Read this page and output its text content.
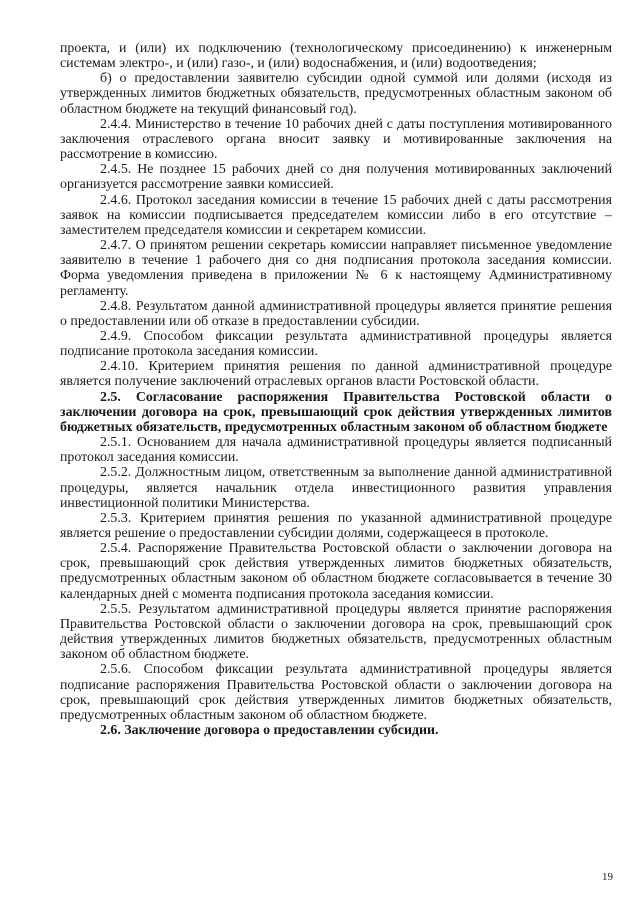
проекта, и (или) их подключению (технологическому присоединению) к инженерным системам электро-, и (или) газо-, и (или) водоснабжения, и (или) водоотведения;

б) о предоставлении заявителю субсидии одной суммой или долями (исходя из утвержденных лимитов бюджетных обязательств, предусмотренных областным законом об областном бюджете на текущий финансовый год).

2.4.4. Министерство в течение 10 рабочих дней с даты поступления мотивированного заключения отраслевого органа вносит заявку и мотивированные заключения на рассмотрение в комиссию.

2.4.5. Не позднее 15 рабочих дней со дня получения мотивированных заключений организуется рассмотрение заявки комиссией.

2.4.6. Протокол заседания комиссии в течение 15 рабочих дней с даты рассмотрения заявок на комиссии подписывается председателем комиссии либо в его отсутствие – заместителем председателя комиссии и секретарем комиссии.

2.4.7. О принятом решении секретарь комиссии направляет письменное уведомление заявителю в течение 1 рабочего дня со дня подписания протокола заседания комиссии. Форма уведомления приведена в приложении № 6 к настоящему Административному регламенту.

2.4.8. Результатом данной административной процедуры является принятие решения о предоставлении или об отказе в предоставлении субсидии.

2.4.9. Способом фиксации результата административной процедуры является подписание протокола заседания комиссии.

2.4.10. Критерием принятия решения по данной административной процедуре является получение заключений отраслевых органов власти Ростовской области.

2.5. Согласование распоряжения Правительства Ростовской области о заключении договора на срок, превышающий срок действия утвержденных лимитов бюджетных обязательств, предусмотренных областным законом об областном бюджете

2.5.1. Основанием для начала административной процедуры является подписанный протокол заседания комиссии.

2.5.2. Должностным лицом, ответственным за выполнение данной административной процедуры, является начальник отдела инвестиционного развития управления инвестиционной политики Министерства.

2.5.3. Критерием принятия решения по указанной административной процедуре является решение о предоставлении субсидии долями, содержащееся в протоколе.

2.5.4. Распоряжение Правительства Ростовской области о заключении договора на срок, превышающий срок действия утвержденных лимитов бюджетных обязательств, предусмотренных областным законом об областном бюджете согласовывается в течение 30 календарных дней с момента подписания протокола заседания комиссии.

2.5.5. Результатом административной процедуры является принятие распоряжения Правительства Ростовской области о заключении договора на срок, превышающий срок действия утвержденных лимитов бюджетных обязательств, предусмотренных областным законом об областном бюджете.

2.5.6. Способом фиксации результата административной процедуры является подписание распоряжения Правительства Ростовской области о заключении договора на срок, превышающий срок действия утвержденных лимитов бюджетных обязательств, предусмотренных областным законом об областном бюджете.

2.6. Заключение договора о предоставлении субсидии.

19
